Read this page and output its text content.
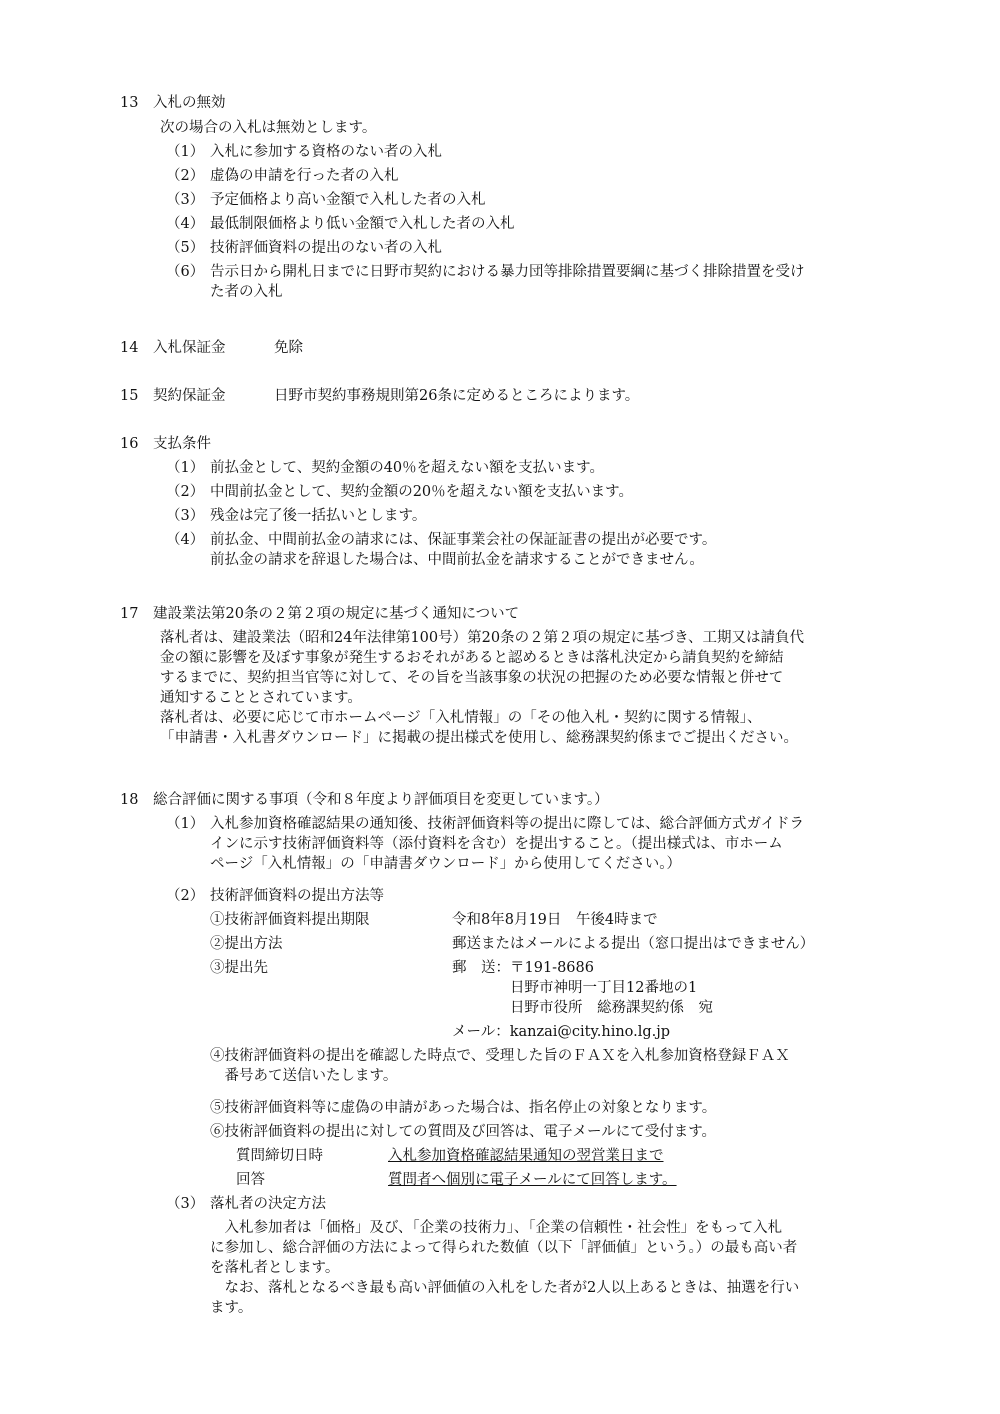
13 入札の無効
次の場合の入札は無効とします。
（1） 入札に参加する資格のない者の入札
（2） 虚偽の申請を行った者の入札
（3） 予定価格より高い金額で入札した者の入札
（4） 最低制限価格より低い金額で入札した者の入札
（5） 技術評価資料の提出のない者の入札
（6） 告示日から開札日までに日野市契約における暴力団等排除措置要綱に基づく排除措置を受け
た者の入札
14 入札保証金	免除
15 契約保証金	日野市契約事務規則第26条に定めるところによります。
16 支払条件
（1） 前払金として、契約金額の40％を超えない額を支払います。
（2） 中間前払金として、契約金額の20％を超えない額を支払います。
（3） 残金は完了後一括払いとします。
（4） 前払金、中間前払金の請求には、保証事業会社の保証証書の提出が必要です。
前払金の請求を辞退した場合は、中間前払金を請求することができません。
17 建設業法第20条の２第２項の規定に基づく通知について
落札者は、建設業法（昭和24年法律第100号）第20条の２第２項の規定に基づき、工期又は請負代
金の額に影響を及ぼす事象が発生するおそれがあると認めるときは落札決定から請負契約を締結
するまでに、契約担当官等に対して、その旨を当該事象の状況の把握のため必要な情報と併せて
通知することとされています。
落札者は、必要に応じて市ホームページ「入札情報」の「その他入札・契約に関する情報」、
「申請書・入札書ダウンロード」に掲載の提出様式を使用し、総務課契約係までご提出ください。
18 総合評価に関する事項（令和８年度より評価項目を変更しています。）
（1） 入札参加資格確認結果の通知後、技術評価資料等の提出に際しては、総合評価方式ガイドラ
インに示す技術評価資料等（添付資料を含む）を提出すること。（提出様式は、市ホーム
ページ「入札情報」の「申請書ダウンロード」から使用してください。）
（2） 技術評価資料の提出方法等
①技術評価資料提出期限	令和8年8月19日　午後4時まで
②提出方法	郵送またはメールによる提出（窓口提出はできません）
③提出先	郵　送：〒191-8686
　　　　日野市神明一丁目12番地の1
　　　　日野市役所　総務課契約係　宛
メール：kanzai@city.hino.lg.jp
④技術評価資料の提出を確認した時点で、受理した旨のＦＡＸを入札参加資格登録ＦＡＸ
　番号あて送信いたします。
⑤技術評価資料等に虚偽の申請があった場合は、指名停止の対象となります。
⑥技術評価資料の提出に対しての質問及び回答は、電子メールにて受付ます。
質問締切日時	入札参加資格確認結果通知の翌営業日まで
回答	質問者へ個別に電子メールにて回答します。
（3） 落札者の決定方法
　入札参加者は「価格」及び、「企業の技術力」、「企業の信頼性・社会性」をもって入札
に参加し、総合評価の方法によって得られた数値（以下「評価値」という。）の最も高い者
を落札者とします。
　なお、落札となるべき最も高い評価値の入札をした者が2人以上あるときは、抽選を行い
ます。
